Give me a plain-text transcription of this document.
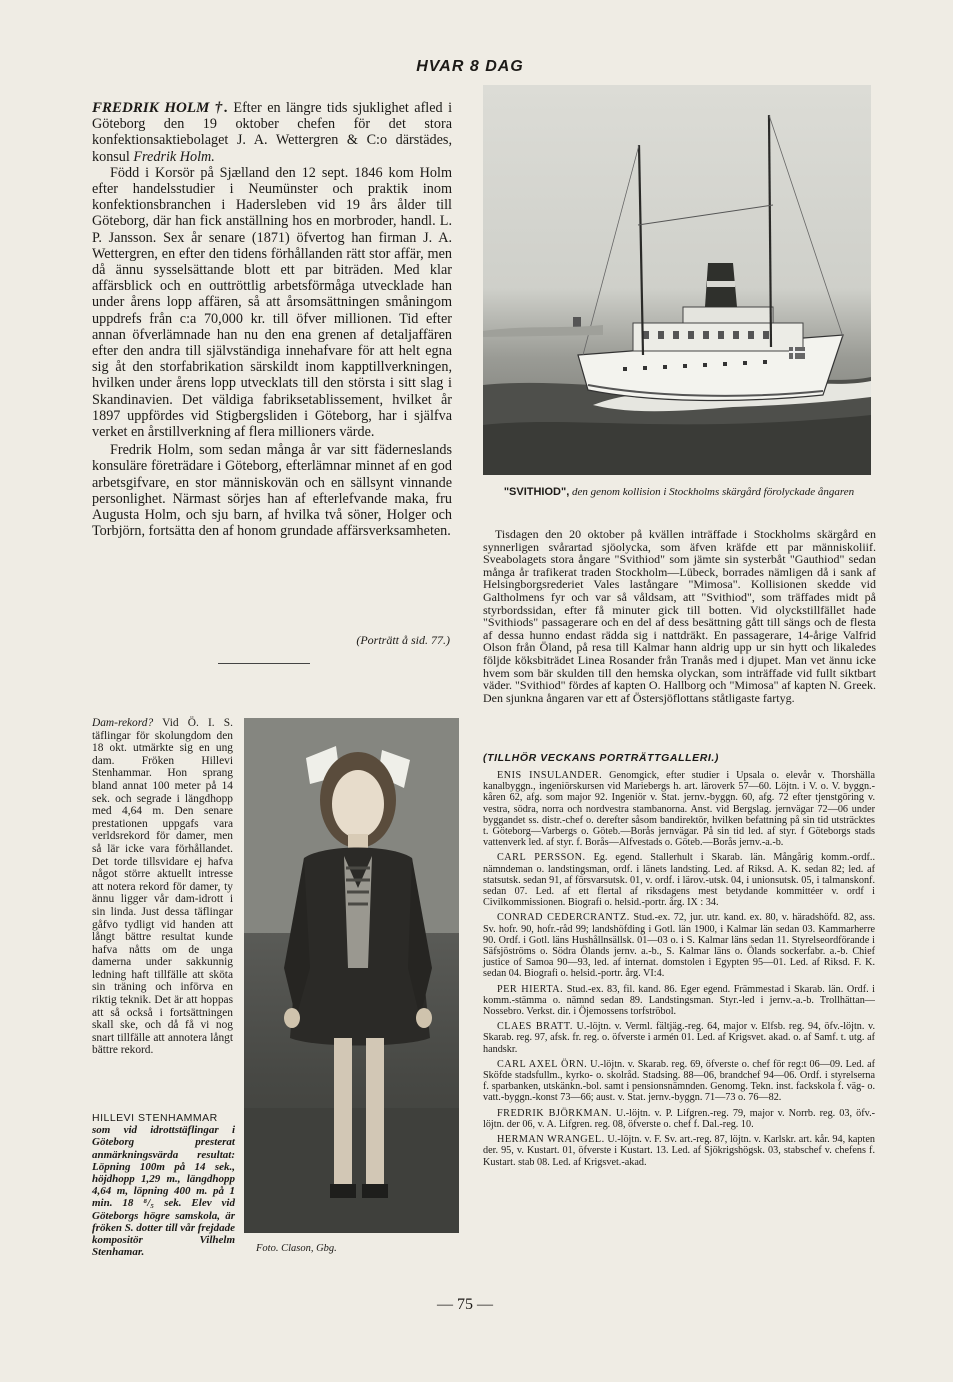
HVAR 8 DAG

FREDRIK HOLM †. Efter en längre tids sjuklighet afled i Göteborg den 19 oktober chefen för det stora konfektionsaktiebolaget J. A. Wettergren & C:o därstädes, konsul Fredrik Holm.

Född i Korsör på Sjælland den 12 sept. 1846 kom Holm efter handelsstudier i Neumünster och praktik inom konfektionsbranchen i Hadersleben vid 19 års ålder till Göteborg, där han fick anställning hos en morbroder, handl. L. P. Jansson. Sex år senare (1871) öfvertog han firman J. A. Wettergren, en efter den tidens förhållanden rätt stor affär, men då ännu sysselsättande blott ett par biträden. Med klar affärsblick och en outtröttlig arbetsförmåga utvecklade han under årens lopp affären, så att årsomsättningen småningom uppdrefs från c:a 70,000 kr. till öfver millionen. Tid efter annan öfverlämnade han nu den ena grenen af detaljaffären efter den andra till självständiga innehafvare för att helt egna sig åt den storfabrikation särskildt inom kapptillverkningen, hvilken under årens lopp utvecklats till den största i sitt slag i Skandinavien. Det väldiga fabriksetablissement, hvilket år 1897 uppfördes vid Stigbergsliden i Göteborg, har i själfva verket en årstillverkning af flera millioners värde.

Fredrik Holm, som sedan många år var sitt fäderneslands konsuläre företrädare i Göteborg, efterlämnar minnet af en god arbetsgifvare, en stor människovän och en sällsynt vinnande personlighet. Närmast sörjes han af efterlefvande maka, fru Augusta Holm, och sju barn, af hvilka två söner, Holger och Torbjörn, fortsätta den af honom grundade affärsverksamheten.

(Porträtt å sid. 77.)
"SVITHIOD", den genom kollision i Stockholms skärgård förolyckade ångaren

Tisdagen den 20 oktober på kvällen inträffade i Stockholms skärgård en synnerligen svårartad sjöolycka, som äfven kräfde ett par människoliif. Sveabolagets stora ångare "Svithiod" som jämte sin systerbåt "Gauthiod" sedan många år trafikerat traden Stockholm—Lübeck, borrades nämligen då i sank af Helsingborgsrederiet Vales lastångare "Mimosa". Kollisionen skedde vid Galtholmens fyr och var så våldsam, att "Svithiod", som träffades midt på styrbordssidan, efter få minuter gick till botten. Vid olyckstillfället hade "Svithiods" passagerare och en del af dess besättning gått till sängs och de flesta af dessa hunno endast rädda sig i nattdräkt. En passagerare, 14-årige Valfrid Olson från Öland, på resa till Kalmar hann aldrig upp ur sin hytt och likaledes följde köksbiträdet Linea Rosander från Tranås med i djupet. Man vet ännu icke hvem som bär skulden till den hemska olyckan, som inträffade vid fullt siktbart väder. "Svithiod" fördes af kapten O. Hallborg och "Mimosa" af kapten N. Greek. Den sjunkna ångaren var ett af Östersjöflottans ståtligaste fartyg.

(TILLHÖR VECKANS PORTRÄTTGALLERI.)

ENIS INSULANDER. Genomgick, efter studier i Upsala o. elevår v. Thorshälla kanalbyggn., ingeniörskursen vid Mariebergs h. art. läroverk 57—60. Löjtn. i V. o. V. byggn.-kåren 62, afg. som major 92. Ingeniör v. Stat. jernv.-byggn. 60, afg. 72 efter tjenstgöring v. vestra, södra, norra och nordvestra stambanorna. Anst. vid Bergslag. jernvägar 72—06 under byggandet ss. distr.-chef o. derefter såsom bandirektör, hvilken befattning på sin tid utsträcktes t. Göteborg—Varbergs o. Göteb.—Borås jernvägar. På sin tid led. af styr. f Göteborgs stads vattenverk led. af styr. f. Borås—Alfvestads o. Göteb.—Borås jernv.-a.-b.

CARL PERSSON. Eg. egend. Stallerhult i Skarab. län. Mångårig komm.-ordf.. nämndeman o. landstingsman, ordf. i länets landsting. Led. af Riksd. A. K. sedan 82; led. af statsutsk. sedan 91, af försvarsutsk. 01, v. ordf. i lärov.-utsk. 04, i unionsutsk. 05, i talmanskonf. sedan 07. Led. af ett flertal af riksdagens mest betydande kommittéer v. ordf i Civilkommissionen. Biografi o. helsid.-portr. årg. IX : 34.

CONRAD CEDERCRANTZ. Stud.-ex. 72, jur. utr. kand. ex. 80, v. häradshöfd. 82, ass. Sv. hofr. 90, hofr.-råd 99; landshöfding i Gotl. län 1900, i Kalmar län sedan 03. Kammarherre 90. Ordf. i Gotl. läns Hushållnsällsk. 01—03 o. i S. Kalmar läns sedan 11. Styrelseordförande i Säfsjöströms o. Södra Ölands jernv. a.-b., S. Kalmar läns o. Ölands sockerfabr. a.-b. Chief justice of Samoa 90—93, led. af internat. domstolen i Egypten 95—01. Led. af Riksd. F. K. sedan 04. Biografi o. helsid.-portr. årg. VI:4.

PER HIERTA. Stud.-ex. 83, fil. kand. 86. Eger egend. Främmestad i Skarab. län. Ordf. i komm.-stämma o. nämnd sedan 89. Landstingsman. Styr.-led i jernv.-a.-b. Trollhättan—Nossebro. Verkst. dir. i Öjemossens torfströbol.

CLAES BRATT. U.-löjtn. v. Verml. fältjäg.-reg. 64, major v. Elfsb. reg. 94, öfv.-löjtn. v. Skarab. reg. 97, afsk. fr. reg. o. öfverste i armén 01. Led. af Krigsvet. akad. o. af Samf. t. utg. af handskr.

CARL AXEL ÖRN. U.-löjtn. v. Skarab. reg. 69, öfverste o. chef för reg:t 06—09. Led. af Sköfde stadsfullm., kyrko- o. skolråd. Stadsing. 88—06, brandchef 94—06. Ordf. i styrelserna f. sparbanken, utskänkn.-bol. samt i pensionsnämnden. Genomg. Tekn. inst. fackskola f. väg- o. vatt.-byggn.-konst 73—66; aust. v. Stat. jernv.-byggn. 71—73 o. 76—82.

FREDRIK BJÖRKMAN. U.-löjtn. v. P. Lifgren.-reg. 79, major v. Norrb. reg. 03, öfv.-löjtn. der 06, v. A. Lifgren. reg. 08, öfverste o. chef f. Dal.-reg. 10.

HERMAN WRANGEL. U.-löjtn. v. F. Sv. art.-reg. 87, löjtn. v. Karlskr. art. kår. 94, kapten der. 95, v. Kustart. 01, öfverste i Kustart. 13. Led. af Sjökrigshögsk. 03, stabschef v. chefens f. Kustart. stab 08. Led. af Krigsvet.-akad.

Dam-rekord? Vid Ö. I. S. täflingar för skolungdom den 18 okt. utmärkte sig en ung dam. Fröken Hillevi Stenhammar. Hon sprang bland annat 100 meter på 14 sek. och segrade i längdhopp med 4,64 m. Den senare prestationen uppgafs vara verldsrekord för damer, men så lär icke vara förhållandet. Det torde tillsvidare ej hafva något större aktuellt intresse att notera rekord för damer, ty ännu ligger vår dam-idrott i sin linda. Just dessa täflingar gåfvo tydligt vid handen att långt bättre resultat kunde hafva nåtts om de unga damerna under sakkunnig ledning haft tillfälle att sköta sin träning och införva en riktig teknik. Det är att hoppas att så också i fortsättningen skall ske, och då få vi nog snart tillfälle att annotera långt bättre rekord.
HILLEVI STENHAMMAR
som vid idrottstäflingar i Göteborg presterat anmärkningsvärda resultat: Löpning 100m på 14 sek., höjdhopp 1,29 m., längdhopp 4,64 m, löpning 400 m. på 1 min. 18 ⁸/₅ sek. Elev vid Göteborgs högre samskola, är fröken S. dotter till vår frejdade kompositör Vilhelm Stenhamar.	Foto. Clason, Gbg.
— 75 —
